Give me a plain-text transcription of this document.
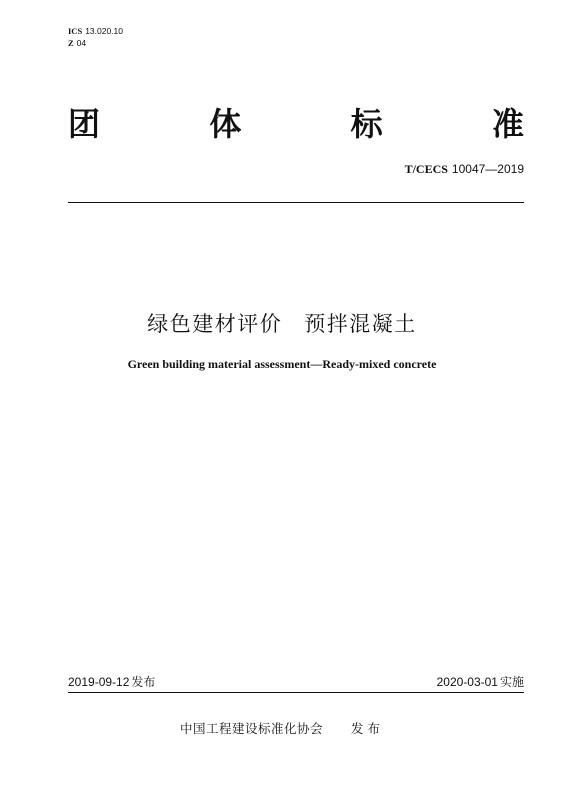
ICS 13.020.10
Z 04
团	体	标	准
T/CECS 10047—2019
绿色建材评价 预拌混凝土
Green building material assessment—Ready-mixed concrete
2019-09-12 发布	2020-03-01 实施
中国工程建设标准化协会 发布
